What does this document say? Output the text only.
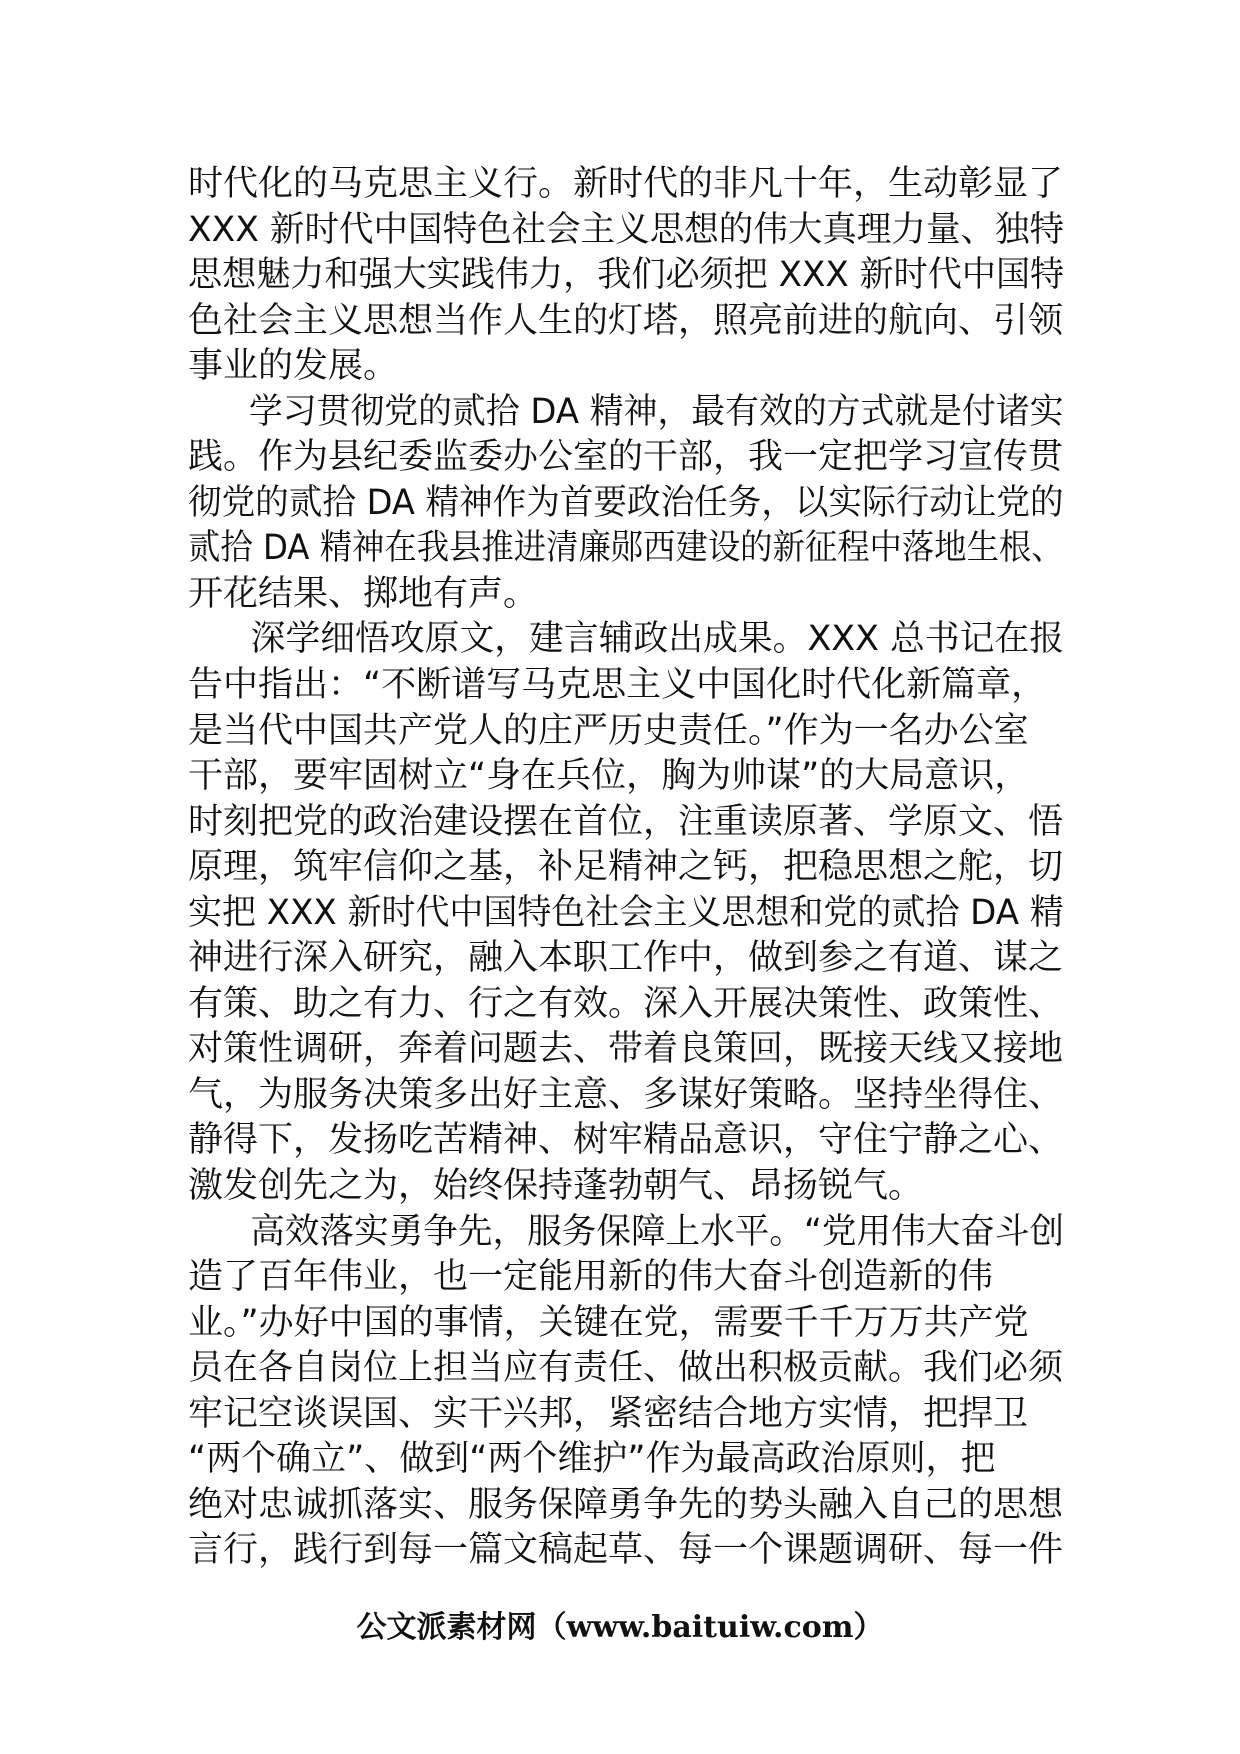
时代化的马克思主义行。新时代的非凡十年，生动彰显了
XXX 新时代中国特色社会主义思想的伟大真理力量、独特
思想魅力和强大实践伟力，我们必须把 XXX 新时代中国特
色社会主义思想当作人生的灯塔，照亮前进的航向、引领
事业的发展。
学习贯彻党的贰拾 DA 精神，最有效的方式就是付诸实
践。作为县纪委监委办公室的干部，我一定把学习宣传贯
彻党的贰拾 DA 精神作为首要政治任务，以实际行动让党的
贰拾 DA 精神在我县推进清廉郧西建设的新征程中落地生根、
开花结果、掷地有声。
深学细悟攻原文，建言辅政出成果。XXX 总书记在报
告中指出：“不断谱写马克思主义中国化时代化新篇章，
是当代中国共产党人的庄严历史责任。”作为一名办公室
干部，要牢固树立“身在兵位，胸为帅谋”的大局意识，
时刻把党的政治建设摆在首位，注重读原著、学原文、悟
原理，筑牢信仰之基，补足精神之钙，把稳思想之舵，切
实把 XXX 新时代中国特色社会主义思想和党的贰拾 DA 精
神进行深入研究，融入本职工作中，做到参之有道、谋之
有策、助之有力、行之有效。深入开展决策性、政策性、
对策性调研，奔着问题去、带着良策回，既接天线又接地
气，为服务决策多出好主意、多谋好策略。坚持坐得住、
静得下，发扬吃苦精神、树牢精品意识，守住宁静之心、
激发创先之为，始终保持蓬勃朝气、昂扬锐气。
高效落实勇争先，服务保障上水平。“党用伟大奋斗创
造了百年伟业，也一定能用新的伟大奋斗创造新的伟
业。”办好中国的事情，关键在党，需要千千万万共产党
员在各自岗位上担当应有责任、做出积极贡献。我们必须
牢记空谈误国、实干兴邦，紧密结合地方实情，把捍卫
“两个确立”、做到“两个维护”作为最高政治原则，把
绝对忠诚抓落实、服务保障勇争先的势头融入自己的思想
言行，践行到每一篇文稿起草、每一个课题调研、每一件
公文派素材网（www.baituiw.com）
